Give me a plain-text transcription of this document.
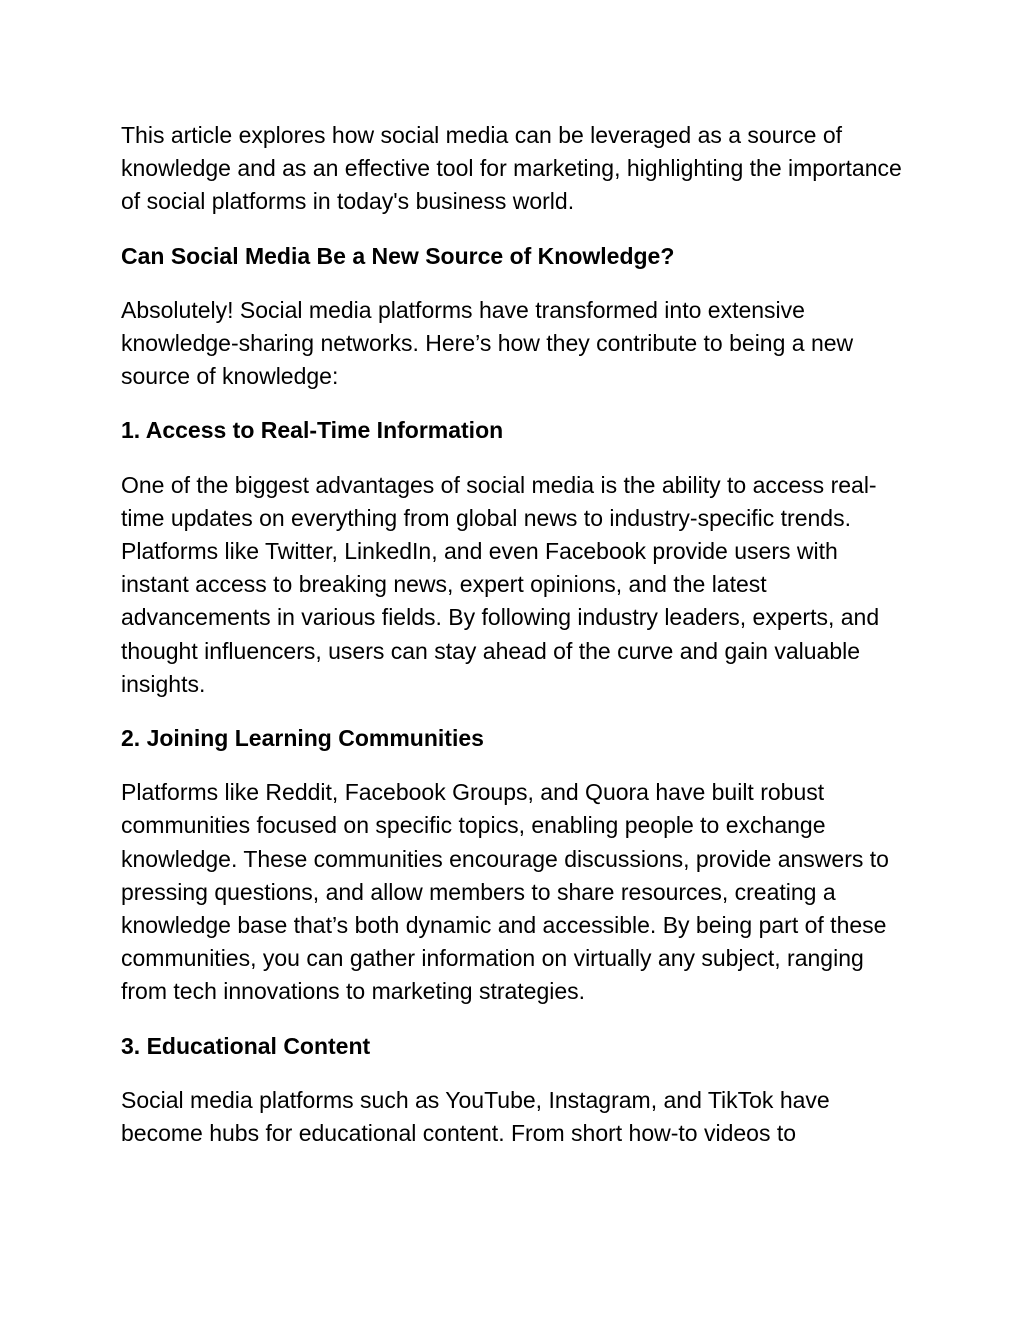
This article explores how social media can be leveraged as a source of knowledge and as an effective tool for marketing, highlighting the importance of social platforms in today's business world.

Can Social Media Be a New Source of Knowledge?

Absolutely! Social media platforms have transformed into extensive knowledge-sharing networks. Here’s how they contribute to being a new source of knowledge:

1. Access to Real-Time Information

One of the biggest advantages of social media is the ability to access real-time updates on everything from global news to industry-specific trends. Platforms like Twitter, LinkedIn, and even Facebook provide users with instant access to breaking news, expert opinions, and the latest advancements in various fields. By following industry leaders, experts, and thought influencers, users can stay ahead of the curve and gain valuable insights.

2. Joining Learning Communities

Platforms like Reddit, Facebook Groups, and Quora have built robust communities focused on specific topics, enabling people to exchange knowledge. These communities encourage discussions, provide answers to pressing questions, and allow members to share resources, creating a knowledge base that’s both dynamic and accessible. By being part of these communities, you can gather information on virtually any subject, ranging from tech innovations to marketing strategies.

3. Educational Content

Social media platforms such as YouTube, Instagram, and TikTok have become hubs for educational content. From short how-to videos to
